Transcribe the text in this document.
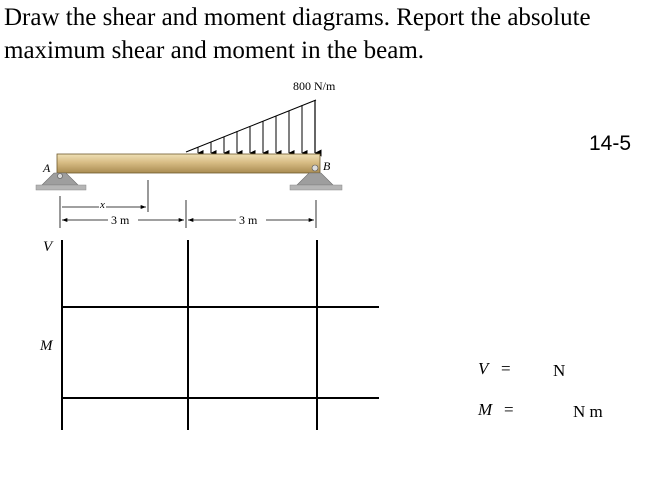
Draw the shear and moment diagrams. Report the absolute
maximum shear and moment in the beam.
800 N/m
A	B
x
3 m	3 m
V
M
14-5
V = N
M =	N m
